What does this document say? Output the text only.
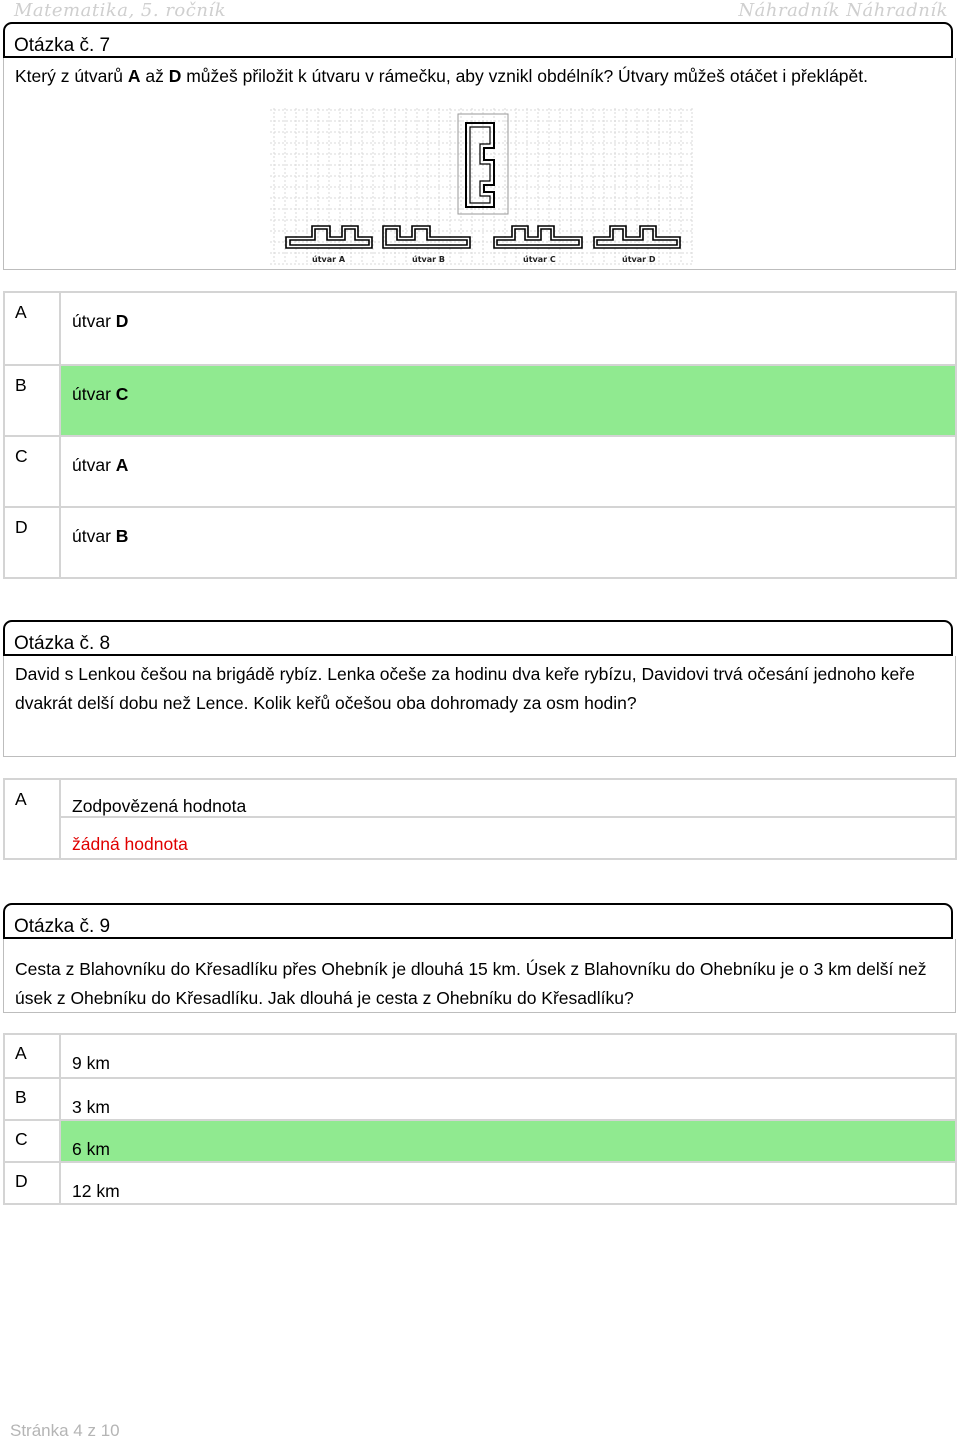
Matematika, 5. ročník	Náhradník Náhradník
Otázka č. 7
Který z útvarů A až D můžeš přiložit k útvaru v rámečku, aby vznikl obdélník? Útvary můžeš otáčet i překlápět.
útvar A	útvar B	útvar C	útvar D
A	útvar D
B	útvar C
C	útvar A
D	útvar B
Otázka č. 8
David s Lenkou češou na brigádě rybíz. Lenka očeše za hodinu dva keře rybízu, Davidovi trvá očesání jednoho keře dvakrát delší dobu než Lence. Kolik keřů očešou oba dohromady za osm hodin?
A	Zodpovězená hodnota
žádná hodnota
Otázka č. 9
Cesta z Blahovníku do Křesadlíku přes Ohebník je dlouhá 15 km. Úsek z Blahovníku do Ohebníku je o 3 km delší než úsek z Ohebníku do Křesadlíku. Jak dlouhá je cesta z Ohebníku do Křesadlíku?
A	9 km
B	3 km
C	6 km
D	12 km
Stránka 4 z 10
